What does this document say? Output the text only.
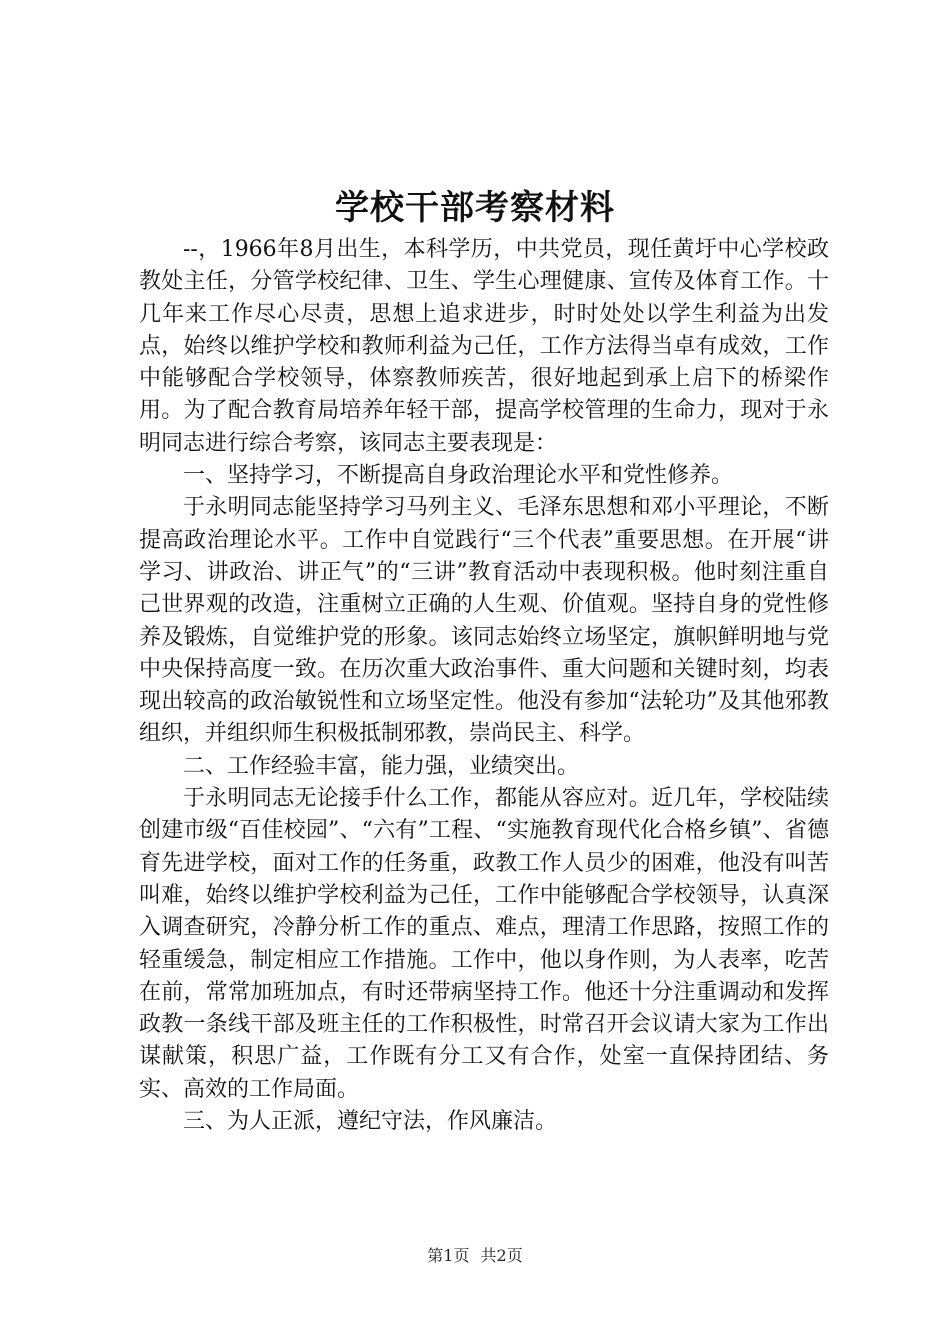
学校干部考察材料

--，1966年8月出生，本科学历，中共党员，现任黄圩中心学校政教处主任，分管学校纪律、卫生、学生心理健康、宣传及体育工作。十几年来工作尽心尽责，思想上追求进步，时时处处以学生利益为出发点，始终以维护学校和教师利益为己任，工作方法得当卓有成效，工作中能够配合学校领导，体察教师疾苦，很好地起到承上启下的桥梁作用。为了配合教育局培养年轻干部，提高学校管理的生命力，现对于永明同志进行综合考察，该同志主要表现是：

一、坚持学习，不断提高自身政治理论水平和党性修养。

于永明同志能坚持学习马列主义、毛泽东思想和邓小平理论，不断提高政治理论水平。工作中自觉践行“三个代表”重要思想。在开展“讲学习、讲政治、讲正气”的“三讲”教育活动中表现积极。他时刻注重自己世界观的改造，注重树立正确的人生观、价值观。坚持自身的党性修养及锻炼，自觉维护党的形象。该同志始终立场坚定，旗帜鲜明地与党中央保持高度一致。在历次重大政治事件、重大问题和关键时刻，均表现出较高的政治敏锐性和立场坚定性。他没有参加“法轮功”及其他邪教组织，并组织师生积极抵制邪教，崇尚民主、科学。

二、工作经验丰富，能力强，业绩突出。

于永明同志无论接手什么工作，都能从容应对。近几年，学校陆续创建市级“百佳校园”、“六有”工程、“实施教育现代化合格乡镇”、省德育先进学校，面对工作的任务重，政教工作人员少的困难，他没有叫苦叫难，始终以维护学校利益为己任，工作中能够配合学校领导，认真深入调查研究，冷静分析工作的重点、难点，理清工作思路，按照工作的轻重缓急，制定相应工作措施。工作中，他以身作则，为人表率，吃苦在前，常常加班加点，有时还带病坚持工作。他还十分注重调动和发挥政教一条线干部及班主任的工作积极性，时常召开会议请大家为工作出谋献策，积思广益，工作既有分工又有合作，处室一直保持团结、务实、高效的工作局面。

三、为人正派，遵纪守法，作风廉洁。

第1页 共2页
